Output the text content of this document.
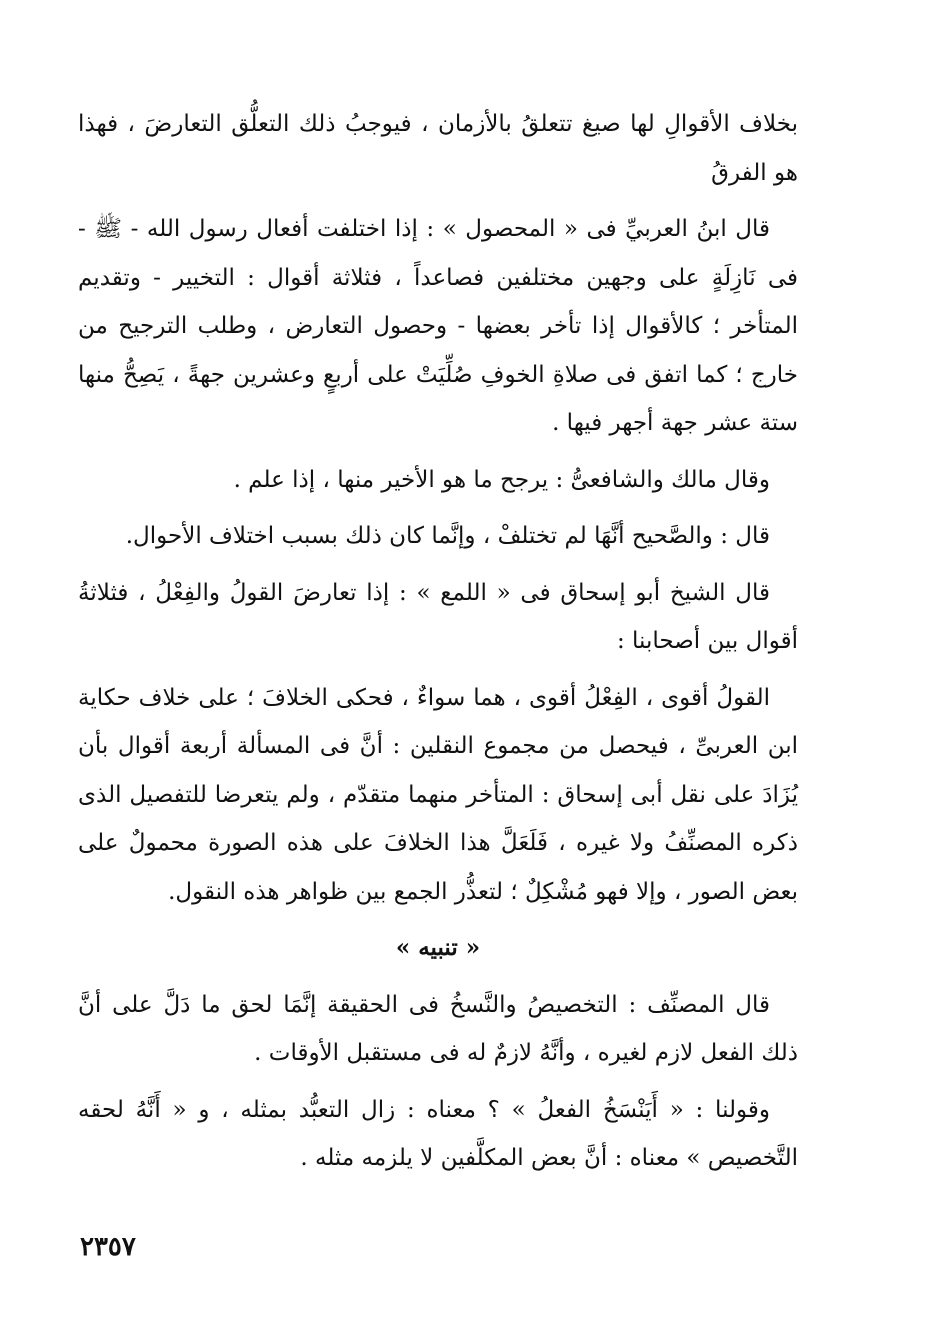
بخلاف الأقوالِ لها صيغ تتعلقُ بالأزمان ، فيوجبُ ذلك التعلُّق التعارضَ ، فهذا هو الفرقُ

قال ابنُ العربيِّ فى « المحصول » : إذا اختلفت أفعال رسول الله - ﷺ - فى نَازِلَةٍ على وجهين مختلفين فصاعداً ، فثلاثة أقوال : التخيير - وتقديم المتأخر ؛ كالأقوال إذا تأخر بعضها - وحصول التعارض ، وطلب الترجيح من خارج ؛ كما اتفق فى صلاةِ الخوفِ صُلِّيَتْ على أربعٍ وعشرين جهةً ، يَصِحُّ منها ستة عشر جهة أجهر فيها .

وقال مالك والشافعىُّ : يرجح ما هو الأخير منها ، إذا علم .

قال : والصَّحيح أنَّهَا لم تختلفْ ، وإنَّما كان ذلك بسبب اختلاف الأحوال.

قال الشيخ أبو إسحاق فى « اللمع » : إذا تعارضَ القولُ والفِعْلُ ، فثلاثةُ أقوال بين أصحابنا :

القولُ أقوى ، الفِعْلُ أقوى ، هما سواءٌ ، فحكى الخلافَ ؛ على خلاف حكاية ابن العربىِّ ، فيحصل من مجموع النقلين : أنَّ فى المسألة أربعة أقوال بأن يُزَادَ على نقل أبى إسحاق : المتأخر منهما متقدّم ، ولم يتعرضا للتفصيل الذى ذكره المصنِّفُ ولا غيره ، فَلَعَلَّ هذا الخلافَ على هذه الصورة محمولٌ على بعض الصور ، وإلا فهو مُشْكِلٌ ؛ لتعذُّر الجمع بين ظواهر هذه النقول.

« تنبيه »

قال المصنِّف : التخصيصُ والنَّسخُ فى الحقيقة إنَّمَا لحق ما دَلَّ على أنَّ ذلك الفعل لازم لغيره ، وأنَّهُ لازمٌ له فى مستقبل الأوقات .

وقولنا : « أَيَنْسَخُ الفعلُ » ؟ معناه : زال التعبُّد بمثله ، و « أَنَّهُ لحقه التَّخصيص » معناه : أنَّ بعض المكلَّفين لا يلزمه مثله .

٢٣٥٧
